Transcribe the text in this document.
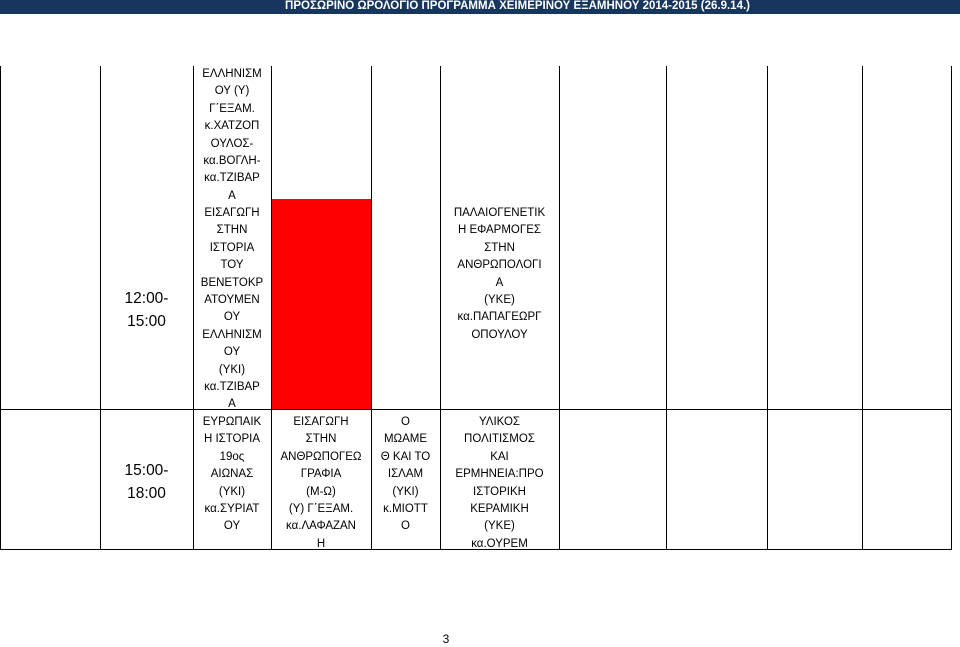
ΠΡΟΣΩΡΙΝΟ ΩΡΟΛΟΓΙΟ ΠΡΟΓΡΑΜΜΑ ΧΕΙΜΕΡΙΝΟΥ ΕΞΑΜΗΝΟΥ 2014-2015 (26.9.14.)
12:00-
15:00
ΕΛΛΗΝΙΣΜ
ΟΥ (Υ)
Γ΄ΕΞΑΜ.
κ.ΧΑΤΖΟΠ
ΟΥΛΟΣ-
κα.ΒΟΓΛΗ-
κα.ΤΖΙΒΑΡ
Α
ΕΙΣΑΓΩΓΗ
ΣΤΗΝ
ΙΣΤΟΡΙΑ
ΤΟΥ
ΒΕΝΕΤΟΚΡ
ΑΤΟΥΜΕΝ
ΟΥ
ΕΛΛΗΝΙΣΜ
ΟΥ
(ΥΚΙ)
κα.ΤΖΙΒΑΡ
Α
ΠΑΛΑΙΟΓΕΝΕΤΙΚ
Η ΕΦΑΡΜΟΓΕΣ
ΣΤΗΝ
ΑΝΘΡΩΠΟΛΟΓΙ
Α
(ΥΚΕ)
κα.ΠΑΠΑΓΕΩΡΓ
ΟΠΟΥΛΟΥ
15:00-
18:00
ΕΥΡΩΠΑΙΚ
Η ΙΣΤΟΡΙΑ
19ος
ΑΙΩΝΑΣ
(ΥΚΙ)
κα.ΣΥΡΙΑΤ
ΟΥ
ΕΙΣΑΓΩΓΗ
ΣΤΗΝ
ΑΝΘΡΩΠΟΓΕΩ
ΓΡΑΦΙΑ
(Μ-Ω)
(Υ) Γ΄ΕΞΑΜ.
κα.ΛΑΦΑΖΑΝ
Η
Ο
ΜΩΑΜΕ
Θ ΚΑΙ ΤΟ
ΙΣΛΑΜ
(ΥΚΙ)
κ.ΜΙΟΤΤ
Ο
ΥΛΙΚΟΣ
ΠΟΛΙΤΙΣΜΟΣ
ΚΑΙ
ΕΡΜΗΝΕΙΑ:ΠΡΟ
ΙΣΤΟΡΙΚΗ
ΚΕΡΑΜΙΚΗ
(ΥΚΕ)
κα.ΟΥΡΕΜ
3
